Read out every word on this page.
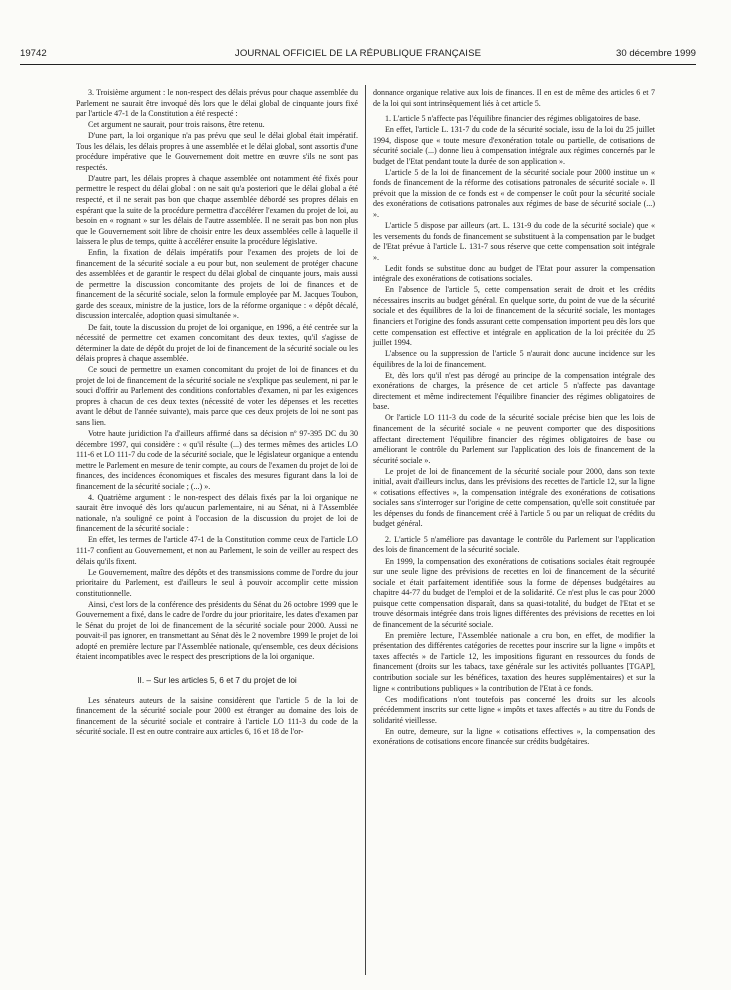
19742	JOURNAL OFFICIEL DE LA RÉPUBLIQUE FRANÇAISE	30 décembre 1999

3. Troisième argument : le non-respect des délais prévus pour chaque assemblée du Parlement ne saurait être invoqué dès lors que le délai global de cinquante jours fixé par l'article 47-1 de la Constitution a été respecté :

Cet argument ne saurait, pour trois raisons, être retenu.

D'une part, la loi organique n'a pas prévu que seul le délai global était impératif. Tous les délais, les délais propres à une assemblée et le délai global, sont assortis d'une procédure impérative que le Gouvernement doit mettre en œuvre s'ils ne sont pas respectés.

D'autre part, les délais propres à chaque assemblée ont notamment été fixés pour permettre le respect du délai global : on ne sait qu'a posteriori que le délai global a été respecté, et il ne serait pas bon que chaque assemblée débordé ses propres délais en espérant que la suite de la procédure permettra d'accélérer l'examen du projet de loi, au besoin en « rognant » sur les délais de l'autre assemblée. Il ne serait pas bon non plus que le Gouvernement soit libre de choisir entre les deux assemblées celle à laquelle il laissera le plus de temps, quitte à accélérer ensuite la procédure législative.

Enfin, la fixation de délais impératifs pour l'examen des projets de loi de financement de la sécurité sociale a eu pour but, non seulement de protéger chacune des assemblées et de garantir le respect du délai global de cinquante jours, mais aussi de permettre la discussion concomitante des projets de loi de finances et de financement de la sécurité sociale, selon la formule employée par M. Jacques Toubon, garde des sceaux, ministre de la justice, lors de la réforme organique : « dépôt décalé, discussion intercalée, adoption quasi simultanée ».

De fait, toute la discussion du projet de loi organique, en 1996, a été centrée sur la nécessité de permettre cet examen concomitant des deux textes, qu'il s'agisse de déterminer la date de dépôt du projet de loi de financement de la sécurité sociale ou les délais propres à chaque assemblée.

Ce souci de permettre un examen concomitant du projet de loi de finances et du projet de loi de financement de la sécurité sociale ne s'explique pas seulement, ni par le souci d'offrir au Parlement des conditions confortables d'examen, ni par les exigences propres à chacun de ces deux textes (nécessité de voter les dépenses et les recettes avant le début de l'année suivante), mais parce que ces deux projets de loi ne sont pas sans lien.

Votre haute juridiction l'a d'ailleurs affirmé dans sa décision nº 97-395 DC du 30 décembre 1997, qui considère : « qu'il résulte (...) des termes mêmes des articles LO 111-6 et LO 111-7 du code de la sécurité sociale, que le législateur organique a entendu mettre le Parlement en mesure de tenir compte, au cours de l'examen du projet de loi de finances, des incidences économiques et fiscales des mesures figurant dans la loi de financement de la sécurité sociale ; (...) ».

4. Quatrième argument : le non-respect des délais fixés par la loi organique ne saurait être invoqué dès lors qu'aucun parlementaire, ni au Sénat, ni à l'Assemblée nationale, n'a souligné ce point à l'occasion de la discussion du projet de loi de financement de la sécurité sociale :

En effet, les termes de l'article 47-1 de la Constitution comme ceux de l'article LO 111-7 confient au Gouvernement, et non au Parlement, le soin de veiller au respect des délais qu'ils fixent.

Le Gouvernement, maître des dépôts et des transmissions comme de l'ordre du jour prioritaire du Parlement, est d'ailleurs le seul à pouvoir accomplir cette mission constitutionnelle.

Ainsi, c'est lors de la conférence des présidents du Sénat du 26 octobre 1999 que le Gouvernement a fixé, dans le cadre de l'ordre du jour prioritaire, les dates d'examen par le Sénat du projet de loi de financement de la sécurité sociale pour 2000. Aussi ne pouvait-il pas ignorer, en transmettant au Sénat dès le 2 novembre 1999 le projet de loi adopté en première lecture par l'Assemblée nationale, qu'ensemble, ces deux décisions étaient incompatibles avec le respect des prescriptions de la loi organique.

II. – Sur les articles 5, 6 et 7 du projet de loi

Les sénateurs auteurs de la saisine considèrent que l'article 5 de la loi de financement de la sécurité sociale pour 2000 est étranger au domaine des lois de financement de la sécurité sociale et contraire à l'article LO 111-3 du code de la sécurité sociale. Il est en outre contraire aux articles 6, 16 et 18 de l'or-

donnance organique relative aux lois de finances. Il en est de même des articles 6 et 7 de la loi qui sont intrinsèquement liés à cet article 5.

1. L'article 5 n'affecte pas l'équilibre financier des régimes obligatoires de base.

En effet, l'article L. 131-7 du code de la sécurité sociale, issu de la loi du 25 juillet 1994, dispose que « toute mesure d'exonération totale ou partielle, de cotisations de sécurité sociale (...) donne lieu à compensation intégrale aux régimes concernés par le budget de l'Etat pendant toute la durée de son application ».

L'article 5 de la loi de financement de la sécurité sociale pour 2000 institue un « fonds de financement de la réforme des cotisations patronales de sécurité sociale ». Il prévoit que la mission de ce fonds est « de compenser le coût pour la sécurité sociale des exonérations de cotisations patronales aux régimes de base de sécurité sociale (...) ».

L'article 5 dispose par ailleurs (art. L. 131-9 du code de la sécurité sociale) que « les versements du fonds de financement se substituent à la compensation par le budget de l'Etat prévue à l'article L. 131-7 sous réserve que cette compensation soit intégrale ».

Ledit fonds se substitue donc au budget de l'Etat pour assurer la compensation intégrale des exonérations de cotisations sociales.

En l'absence de l'article 5, cette compensation serait de droit et les crédits nécessaires inscrits au budget général. En quelque sorte, du point de vue de la sécurité sociale et des équilibres de la loi de financement de la sécurité sociale, les montages financiers et l'origine des fonds assurant cette compensation importent peu dès lors que cette compensation est effective et intégrale en application de la loi précitée du 25 juillet 1994.

L'absence ou la suppression de l'article 5 n'aurait donc aucune incidence sur les équilibres de la loi de financement.

Et, dès lors qu'il n'est pas dérogé au principe de la compensation intégrale des exonérations de charges, la présence de cet article 5 n'affecte pas davantage directement et même indirectement l'équilibre financier des régimes obligatoires de base.

Or l'article LO 111-3 du code de la sécurité sociale précise bien que les lois de financement de la sécurité sociale « ne peuvent comporter que des dispositions affectant directement l'équilibre financier des régimes obligatoires de base ou améliorant le contrôle du Parlement sur l'application des lois de financement de la sécurité sociale ».

Le projet de loi de financement de la sécurité sociale pour 2000, dans son texte initial, avait d'ailleurs inclus, dans les prévisions des recettes de l'article 12, sur la ligne « cotisations effectives », la compensation intégrale des exonérations de cotisations sociales sans s'interroger sur l'origine de cette compensation, qu'elle soit constituée par les dépenses du fonds de financement créé à l'article 5 ou par un reliquat de crédits du budget général.

2. L'article 5 n'améliore pas davantage le contrôle du Parlement sur l'application des lois de financement de la sécurité sociale.

En 1999, la compensation des exonérations de cotisations sociales était regroupée sur une seule ligne des prévisions de recettes en loi de financement de la sécurité sociale et était parfaitement identifiée sous la forme de dépenses budgétaires au chapitre 44-77 du budget de l'emploi et de la solidarité. Ce n'est plus le cas pour 2000 puisque cette compensation disparaît, dans sa quasi-totalité, du budget de l'Etat et se trouve désormais intégrée dans trois lignes différentes des prévisions de recettes en loi de financement de la sécurité sociale.

En première lecture, l'Assemblée nationale a cru bon, en effet, de modifier la présentation des différentes catégories de recettes pour inscrire sur la ligne « impôts et taxes affectés » de l'article 12, les impositions figurant en ressources du fonds de financement (droits sur les tabacs, taxe générale sur les activités polluantes [TGAP], contribution sociale sur les bénéfices, taxation des heures supplémentaires) et sur la ligne « contributions publiques » la contribution de l'Etat à ce fonds.

Ces modifications n'ont toutefois pas concerné les droits sur les alcools précédemment inscrits sur cette ligne « impôts et taxes affectés » au titre du Fonds de solidarité vieillesse.

En outre, demeure, sur la ligne « cotisations effectives », la compensation des exonérations de cotisations encore financée sur crédits budgétaires.
